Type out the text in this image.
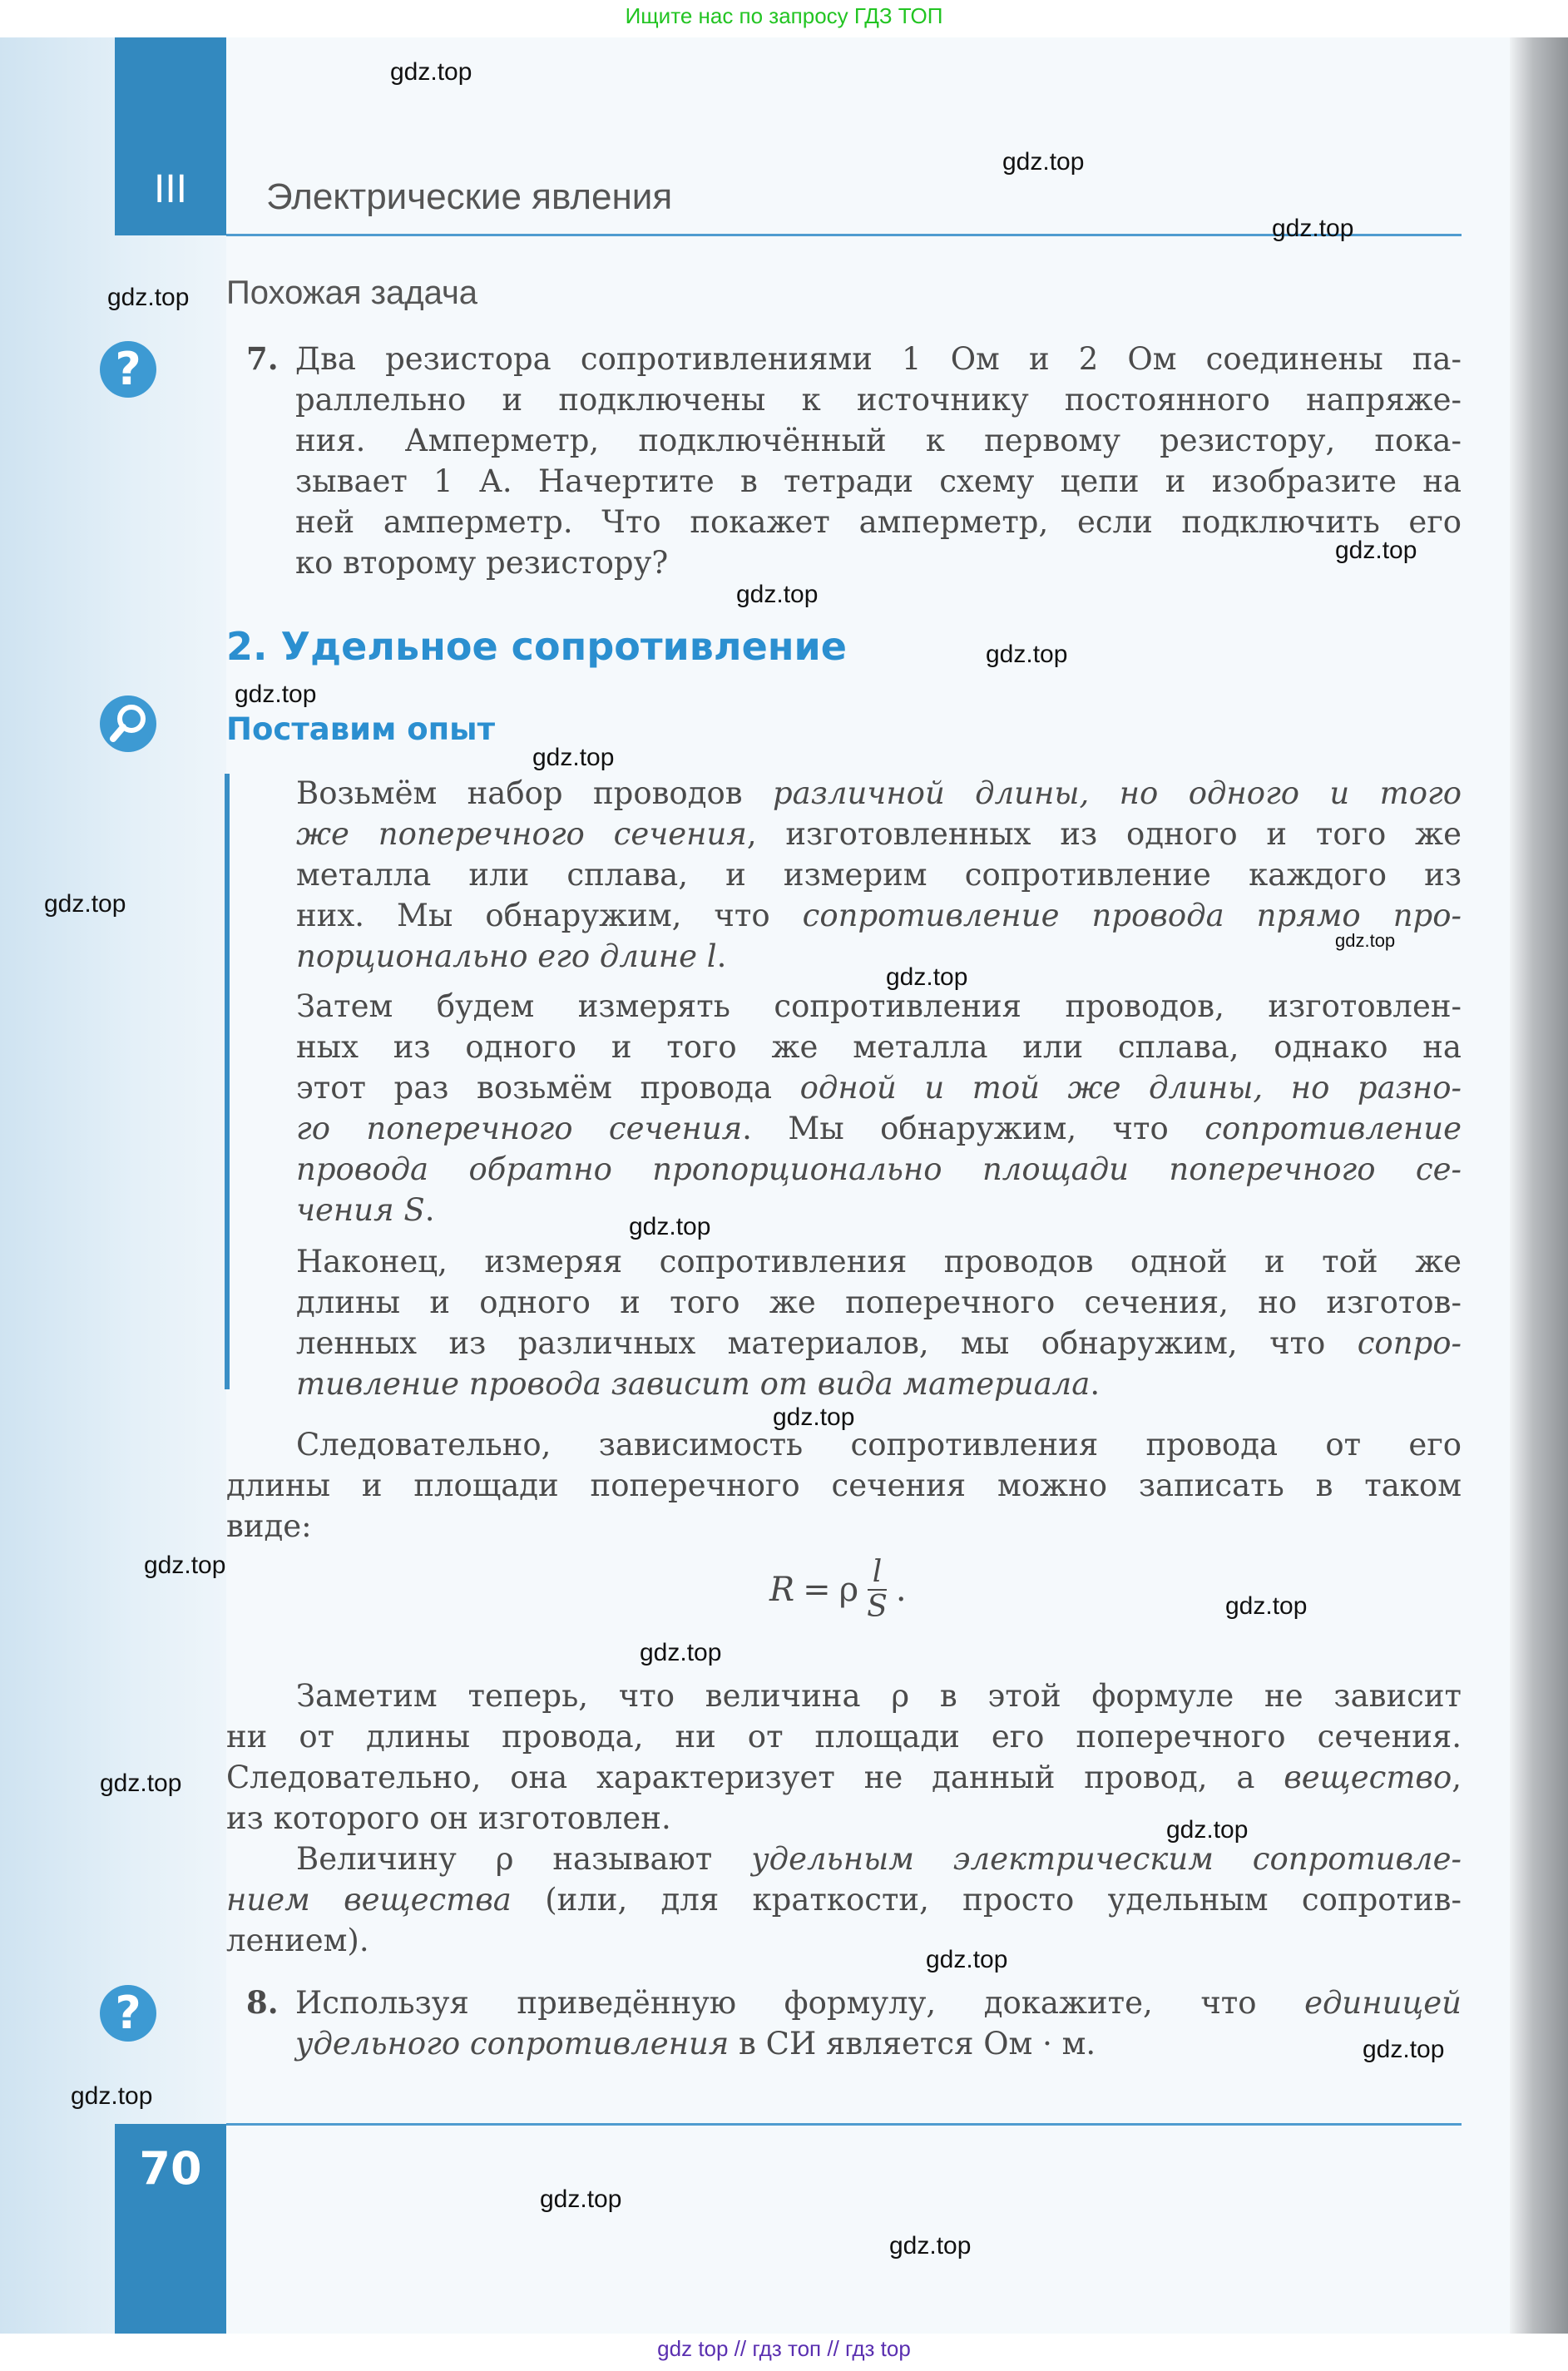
Ищите нас по запросу ГДЗ ТОП
III	Электрические явления
Похожая задача
?	7. Два резистора сопротивлениями 1 Ом и 2 Ом соединены па-
раллельно и подключены к источнику постоянного напряже-
ния. Амперметр, подключённый к первому резистору, пока-
зывает 1 А. Начертите в тетради схему цепи и изобразите на
ней амперметр. Что покажет амперметр, если подключить его
ко второму резистору?
2. Удельное сопротивление
Поставим опыт
Возьмём набор проводов различной длины, но одного и того
же поперечного сечения, изготовленных из одного и того же
металла или сплава, и измерим сопротивление каждого из
них. Мы обнаружим, что сопротивление провода прямо про-
порционально его длине l.
Затем будем измерять сопротивления проводов, изготовлен-
ных из одного и того же металла или сплава, однако на
этот раз возьмём провода одной и той же длины, но разно-
го поперечного сечения. Мы обнаружим, что сопротивление
провода обратно пропорционально площади поперечного се-
чения S.
Наконец, измеряя сопротивления проводов одной и той же
длины и одного и того же поперечного сечения, но изготов-
ленных из различных материалов, мы обнаружим, что сопро-
тивление провода зависит от вида материала.
Следовательно, зависимость сопротивления провода от его
длины и площади поперечного сечения можно записать в таком
виде:
R = ρ $\frac{l}{S}$ .
Заметим теперь, что величина ρ в этой формуле не зависит
ни от длины провода, ни от площади его поперечного сечения.
Следовательно, она характеризует не данный провод, а вещество,
из которого он изготовлен.
Величину ρ называют удельным электрическим сопротивле-
нием вещества (или, для краткости, просто удельным сопротив-
лением).
?	8. Используя приведённую формулу, докажите, что единицей
удельного сопротивления в СИ является Ом · м.
70
gdz.top
gdz.top
gdz.top
gdz.top
gdz.top
gdz.top
gdz.top
gdz.top
gdz.top
gdz.top
gdz.top
gdz.top
gdz.top
gdz.top
gdz.top
gdz.top
gdz.top
gdz.top
gdz.top
gdz.top
gdz.top
gdz.top
gdz.top
gdz.top
gdz top // гдз топ // гдз top
